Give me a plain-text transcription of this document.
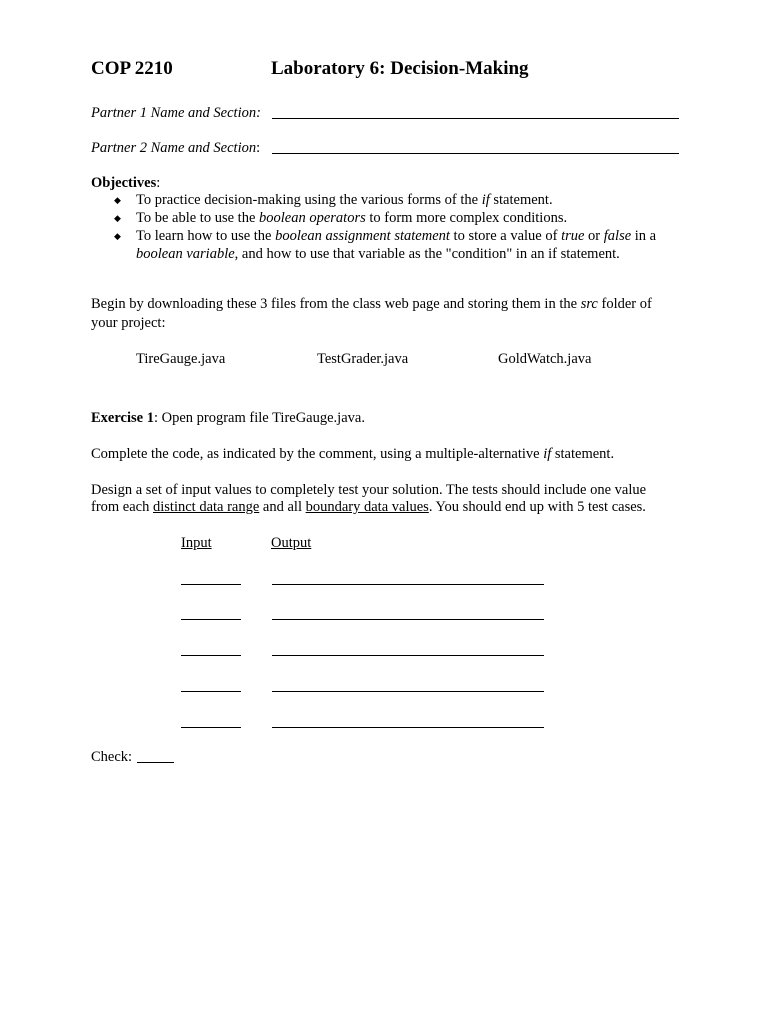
COP 2210	Laboratory 6: Decision-Making
Partner 1 Name and Section:
Partner 2 Name and Section:
Objectives:
◆ To practice decision-making using the various forms of the if statement.
◆ To be able to use the boolean operators to form more complex conditions.
◆ To learn how to use the boolean assignment statement to store a value of true or false in a
boolean variable, and how to use that variable as the "condition" in an if statement.
Begin by downloading these 3 files from the class web page and storing them in the src folder of
your project:
TireGauge.java	TestGrader.java	GoldWatch.java
Exercise 1: Open program file TireGauge.java.
Complete the code, as indicated by the comment, using a multiple-alternative if statement.
Design a set of input values to completely test your solution. The tests should include one value
from each distinct data range and all boundary data values. You should end up with 5 test cases.
Input	Output
Check:
